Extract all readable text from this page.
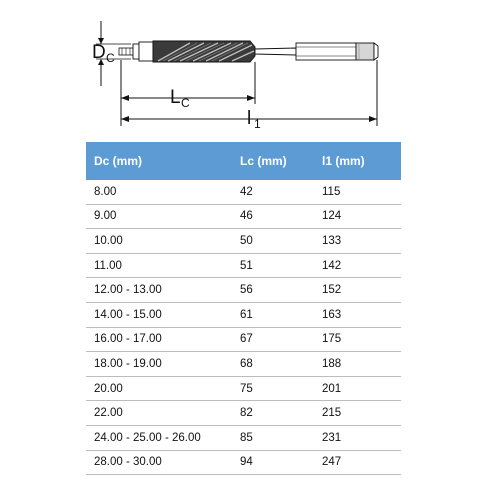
D C
L C
l 1
Dc (mm)	Lc (mm)	l1 (mm)
8.00	42	115
9.00	46	124
10.00	50	133
11.00	51	142
12.00 - 13.00	56	152
14.00 - 15.00	61	163
16.00 - 17.00	67	175
18.00 - 19.00	68	188
20.00	75	201
22.00	82	215
24.00 - 25.00 - 26.00	85	231
28.00 - 30.00	94	247
